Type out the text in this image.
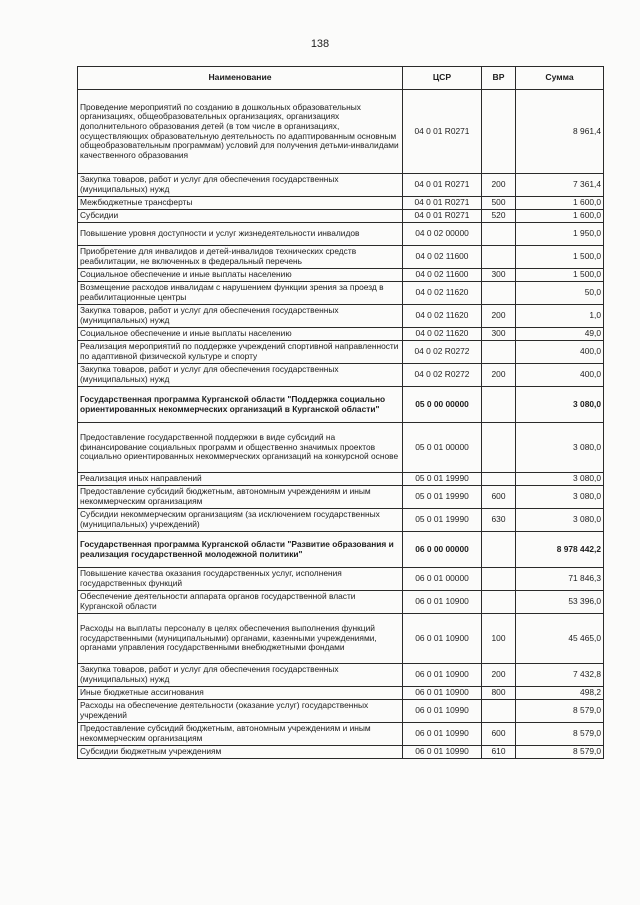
138
Наименование	ЦСР	ВР	Сумма
Проведение мероприятий по созданию в дошкольных образовательных организациях, общеобразовательных организациях, организациях дополнительного образования детей (в том числе в организациях, осуществляющих образовательную деятельность по адаптированным основным общеобразовательным программам) условий для получения детьми-инвалидами качественного образования	04 0 01 R0271		8 961,4
Закупка товаров, работ и услуг для обеспечения государственных (муниципальных) нужд	04 0 01 R0271	200	7 361,4
Межбюджетные трансферты	04 0 01 R0271	500	1 600,0
Субсидии	04 0 01 R0271	520	1 600,0
Повышение уровня доступности и услуг жизнедеятельности инвалидов	04 0 02 00000		1 950,0
Приобретение для инвалидов и детей-инвалидов технических средств реабилитации, не включенных в федеральный перечень	04 0 02 11600		1 500,0
Социальное обеспечение и иные выплаты населению	04 0 02 11600	300	1 500,0
Возмещение расходов инвалидам с нарушением функции зрения за проезд в реабилитационные центры	04 0 02 11620		50,0
Закупка товаров, работ и услуг для обеспечения государственных (муниципальных) нужд	04 0 02 11620	200	1,0
Социальное обеспечение и иные выплаты населению	04 0 02 11620	300	49,0
Реализация мероприятий по поддержке учреждений спортивной направленности по адаптивной физической культуре и спорту	04 0 02 R0272		400,0
Закупка товаров, работ и услуг для обеспечения государственных (муниципальных) нужд	04 0 02 R0272	200	400,0
Государственная программа Курганской области "Поддержка социально ориентированных некоммерческих организаций в Курганской области"	05 0 00 00000		3 080,0
Предоставление государственной поддержки в виде субсидий на финансирование социальных программ и общественно значимых проектов социально ориентированных некоммерческих организаций на конкурсной основе	05 0 01 00000		3 080,0
Реализация иных направлений	05 0 01 19990		3 080,0
Предоставление субсидий бюджетным, автономным учреждениям и иным некоммерческим организациям	05 0 01 19990	600	3 080,0
Субсидии некоммерческим организациям (за исключением государственных (муниципальных) учреждений)	05 0 01 19990	630	3 080,0
Государственная программа Курганской области "Развитие образования и реализация государственной молодежной политики"	06 0 00 00000		8 978 442,2
Повышение качества оказания государственных услуг, исполнения государственных функций	06 0 01 00000		71 846,3
Обеспечение деятельности аппарата органов государственной власти Курганской области	06 0 01 10900		53 396,0
Расходы на выплаты персоналу в целях обеспечения выполнения функций государственными (муниципальными) органами, казенными учреждениями, органами управления государственными внебюджетными фондами	06 0 01 10900	100	45 465,0
Закупка товаров, работ и услуг для обеспечения государственных (муниципальных) нужд	06 0 01 10900	200	7 432,8
Иные бюджетные ассигнования	06 0 01 10900	800	498,2
Расходы на обеспечение деятельности (оказание услуг) государственных учреждений	06 0 01 10990		8 579,0
Предоставление субсидий бюджетным, автономным учреждениям и иным некоммерческим организациям	06 0 01 10990	600	8 579,0
Субсидии бюджетным учреждениям	06 0 01 10990	610	8 579,0
